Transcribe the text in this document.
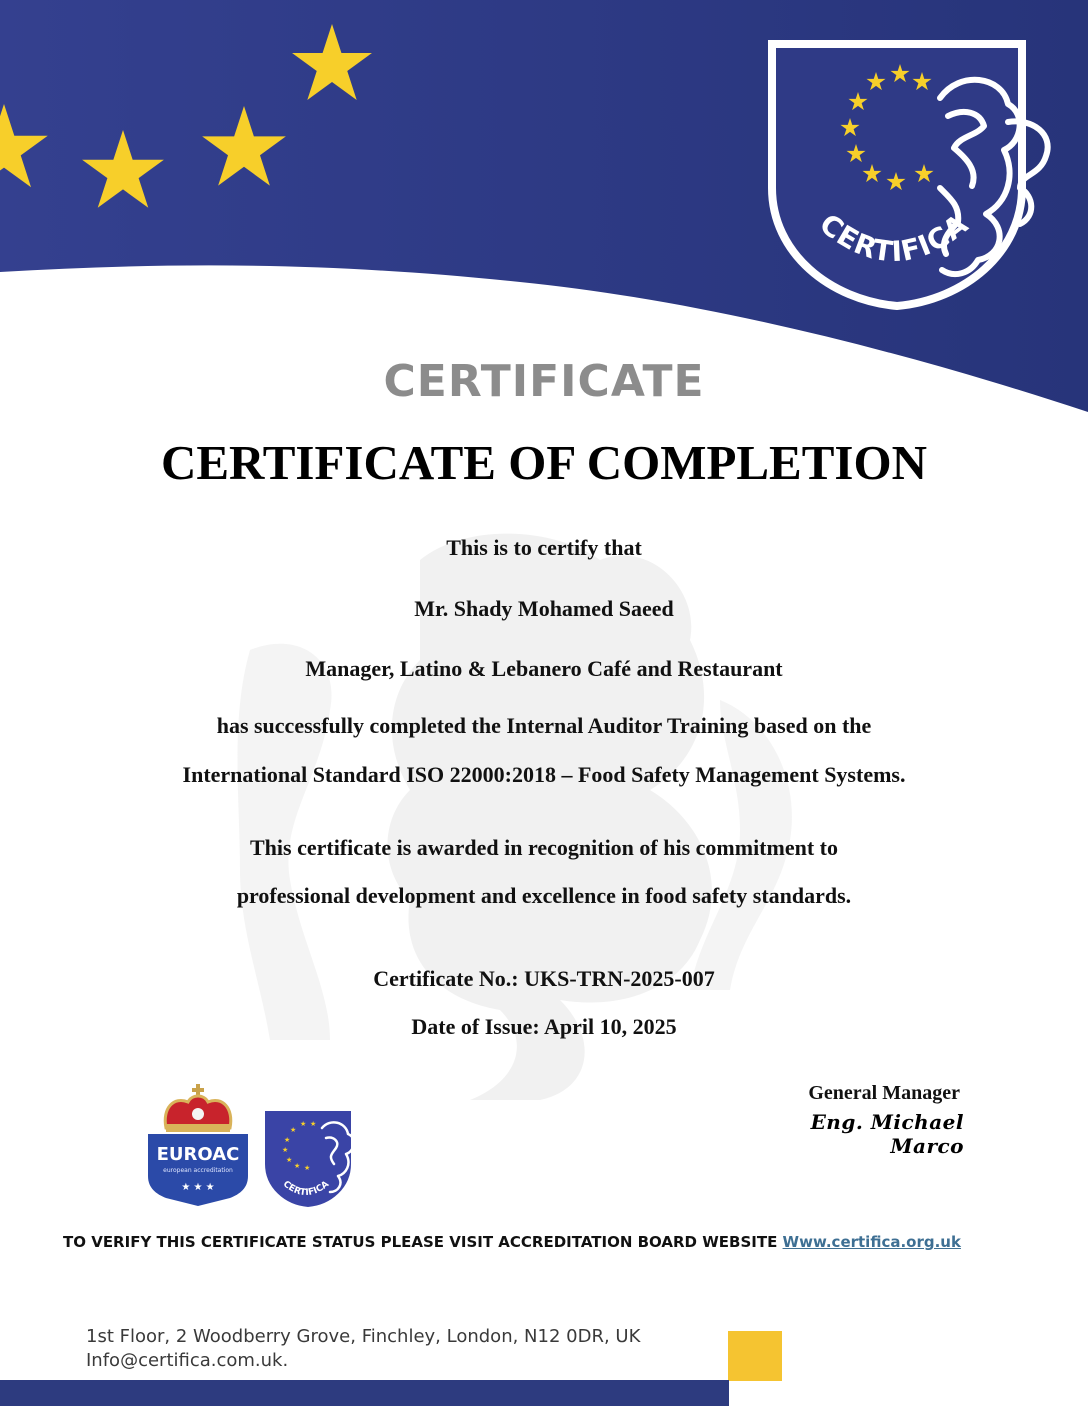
CERTIFICA
CERTIFICATE
CERTIFICATE OF COMPLETION
This is to certify that
Mr. Shady Mohamed Saeed
Manager, Latino & Lebanero Café and Restaurant
has successfully completed the Internal Auditor Training based on the
International Standard ISO 22000:2018 – Food Safety Management Systems.
This certificate is awarded in recognition of his commitment to
professional development and excellence in food safety standards.
Certificate No.: UKS-TRN-2025-007
Date of Issue: April 10, 2025
General Manager
Eng. Michael Marco
EUROAC
european accreditation
★ ★ ★
★
★
★
★
★
★ ★
★
CERTIFICA
TO VERIFY THIS CERTIFICATE STATUS PLEASE VISIT ACCREDITATION BOARD WEBSITE Www.certifica.org.uk
1st Floor, 2 Woodberry Grove, Finchley, London, N12 0DR, UK
Info@certifica.com.uk.
